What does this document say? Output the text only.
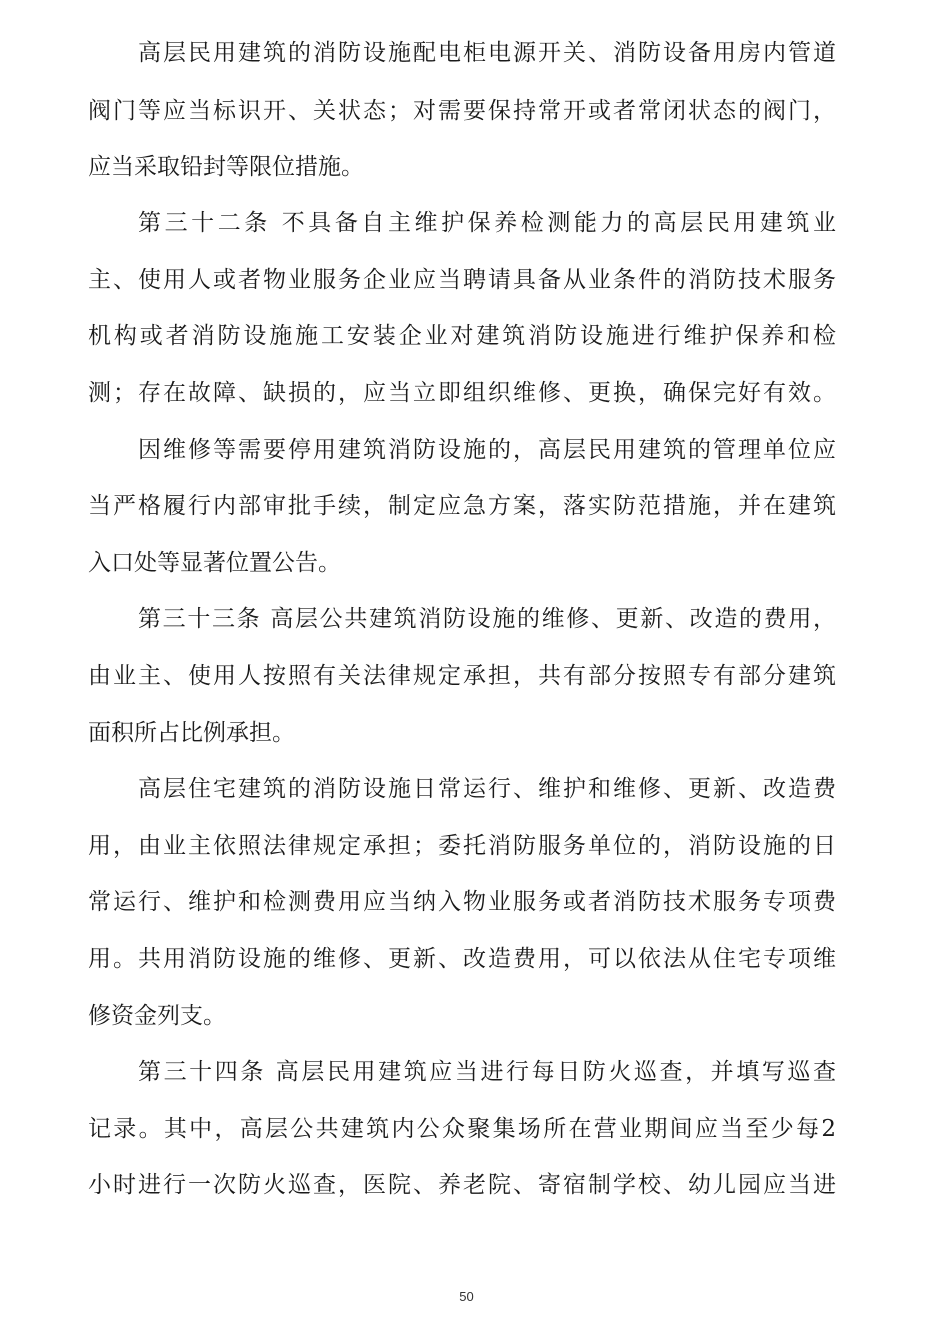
高层民用建筑的消防设施配电柜电源开关、消防设备用房内管道
阀门等应当标识开、关状态；对需要保持常开或者常闭状态的阀门，
应当采取铅封等限位措施。
第三十二条 不具备自主维护保养检测能力的高层民用建筑业
主、使用人或者物业服务企业应当聘请具备从业条件的消防技术服务
机构或者消防设施施工安装企业对建筑消防设施进行维护保养和检
测；存在故障、缺损的，应当立即组织维修、更换，确保完好有效。
因维修等需要停用建筑消防设施的，高层民用建筑的管理单位应
当严格履行内部审批手续，制定应急方案，落实防范措施，并在建筑
入口处等显著位置公告。
第三十三条 高层公共建筑消防设施的维修、更新、改造的费用，
由业主、使用人按照有关法律规定承担，共有部分按照专有部分建筑
面积所占比例承担。
高层住宅建筑的消防设施日常运行、维护和维修、更新、改造费
用，由业主依照法律规定承担；委托消防服务单位的，消防设施的日
常运行、维护和检测费用应当纳入物业服务或者消防技术服务专项费
用。共用消防设施的维修、更新、改造费用，可以依法从住宅专项维
修资金列支。
第三十四条 高层民用建筑应当进行每日防火巡查，并填写巡查
记录。其中，高层公共建筑内公众聚集场所在营业期间应当至少每2
小时进行一次防火巡查，医院、养老院、寄宿制学校、幼儿园应当进
50
